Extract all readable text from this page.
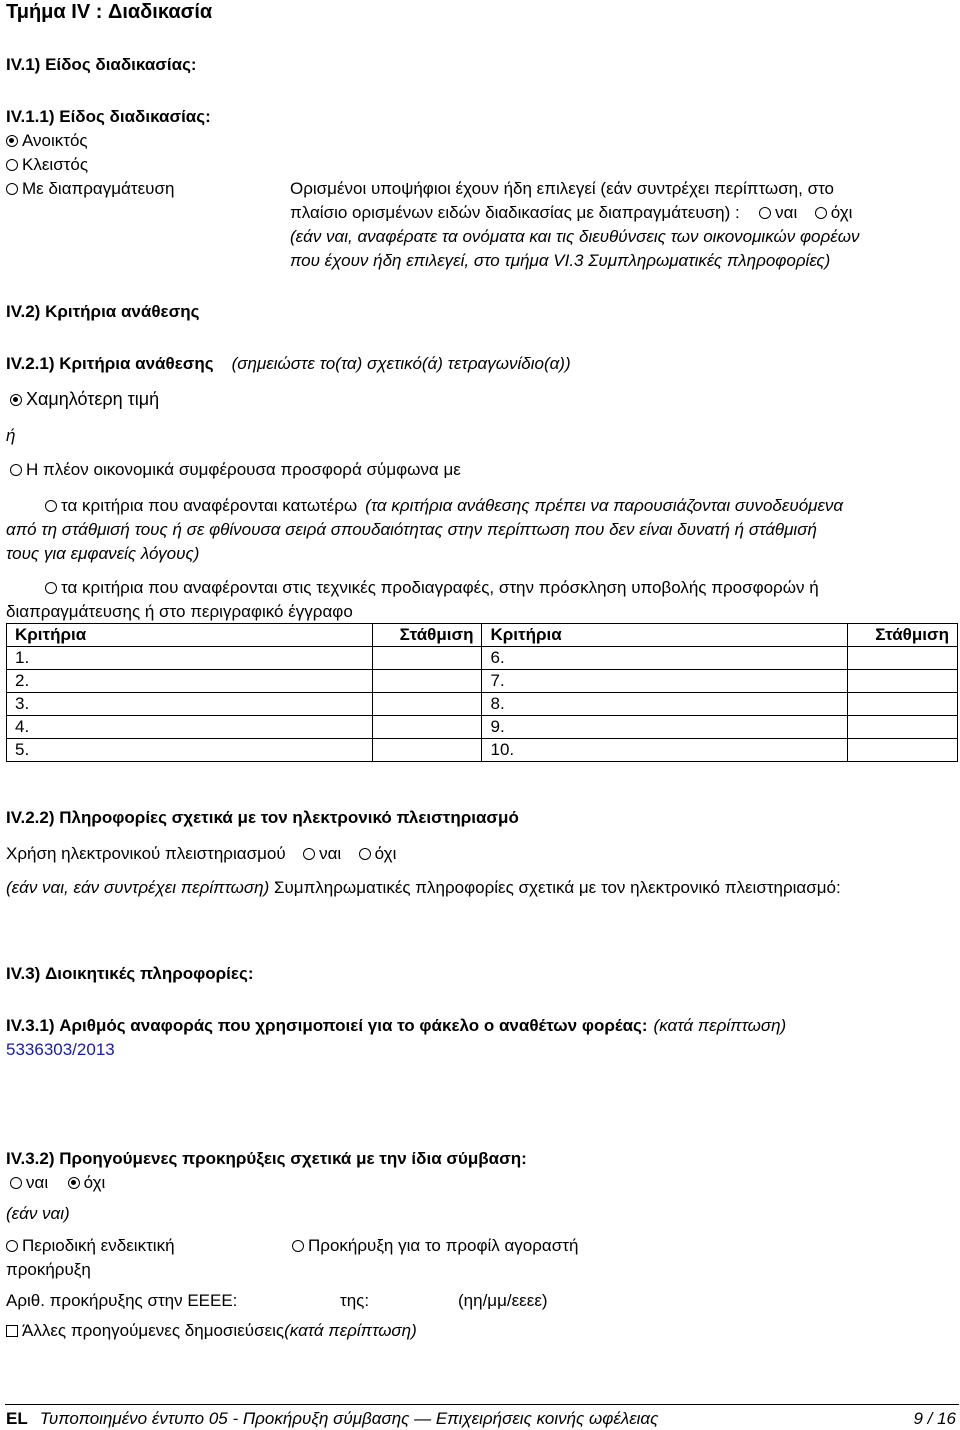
Τμήμα IV : Διαδικασία
IV.1) Είδος διαδικασίας:
IV.1.1) Είδος διαδικασίας:
Ανοικτός
Κλειστός
Με διαπραγμάτευση	Ορισμένοι υποψήφιοι έχουν ήδη επιλεγεί (εάν συντρέχει περίπτωση, στο
πλαίσιο ορισμένων ειδών διαδικασίας με διαπραγμάτευση) : ναι όχι
(εάν ναι, αναφέρατε τα ονόματα και τις διευθύνσεις των οικονομικών φορέων
που έχουν ήδη επιλεγεί, στο τμήμα VI.3 Συμπληρωματικές πληροφορίες)
IV.2) Κριτήρια ανάθεσης
IV.2.1) Κριτήρια ανάθεσης (σημειώστε το(τα) σχετικό(ά) τετραγωνίδιο(α))
Χαμηλότερη τιμή
ή
Η πλέον οικονομικά συμφέρουσα προσφορά σύμφωνα με
τα κριτήρια που αναφέρονται κατωτέρω (τα κριτήρια ανάθεσης πρέπει να παρουσιάζονται συνοδευόμενα
από τη στάθμισή τους ή σε φθίνουσα σειρά σπουδαιότητας στην περίπτωση που δεν είναι δυνατή ή στάθμισή
τους για εμφανείς λόγους)
τα κριτήρια που αναφέρονται στις τεχνικές προδιαγραφές, στην πρόσκληση υποβολής προσφορών ή
διαπραγμάτευσης ή στο περιγραφικό έγγραφο
Κριτήρια	Στάθμιση	Κριτήρια	Στάθμιση
1.		6.	
2.		7.	
3.		8.	
4.		9.	
5.		10.	
IV.2.2) Πληροφορίες σχετικά με τον ηλεκτρονικό πλειστηριασμό
Χρήση ηλεκτρονικού πλειστηριασμού ναι όχι
(εάν ναι, εάν συντρέχει περίπτωση) Συμπληρωματικές πληροφορίες σχετικά με τον ηλεκτρονικό πλειστηριασμό:
IV.3) Διοικητικές πληροφορίες:
IV.3.1) Αριθμός αναφοράς που χρησιμοποιεί για το φάκελο ο αναθέτων φορέας: (κατά περίπτωση)
5336303/2013
IV.3.2) Προηγούμενες προκηρύξεις σχετικά με την ίδια σύμβαση:
ναι όχι
(εάν ναι)
Περιοδική ενδεικτική
προκήρυξη
Προκήρυξη για το προφίλ αγοραστή
Αριθ. προκήρυξης στην ΕΕΕΕ:	της:	(ηη/μμ/εεεε)
Άλλες προηγούμενες δημοσιεύσεις(κατά περίπτωση)
EL Τυποποιημένο έντυπο 05 - Προκήρυξη σύμβασης — Επιχειρήσεις κοινής ωφέλειας	9 / 16
